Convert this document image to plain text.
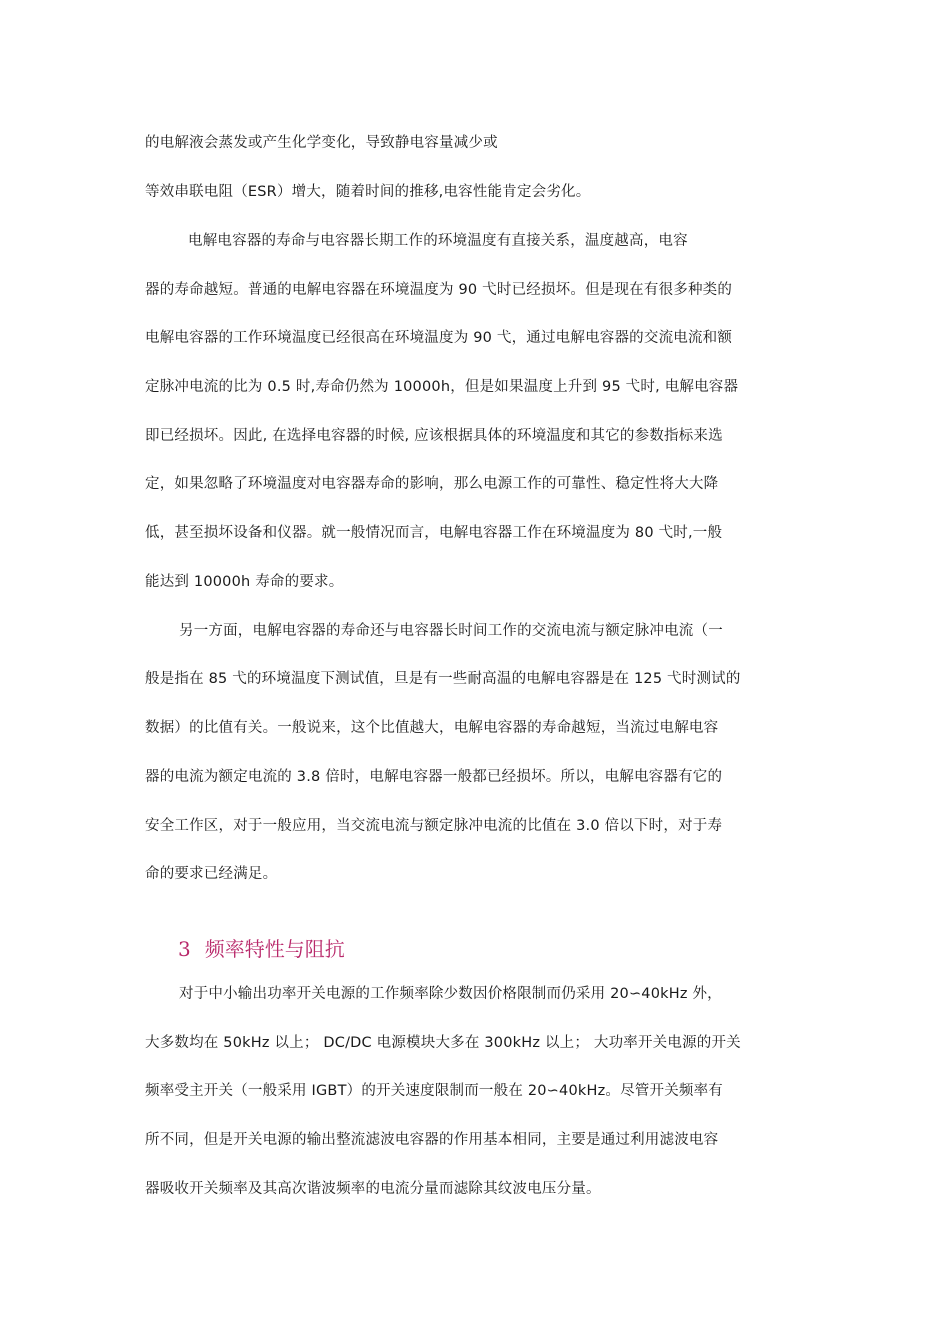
的电解液会蒸发或产生化学变化，导致静电容量减少或
等效串联电阻（ESR）增大，随着时间的推移,电容性能肯定会劣化。
电解电容器的寿命与电容器长期工作的环境温度有直接关系，温度越高，电容
器的寿命越短。普通的电解电容器在环境温度为 90 弋时已经损坏。但是现在有很多种类的
电解电容器的工作环境温度已经很高在环境温度为 90 弋，通过电解电容器的交流电流和额
定脉冲电流的比为 0.5 时,寿命仍然为 10000h，但是如果温度上升到 95 弋时, 电解电容器
即已经损坏。因此, 在选择电容器的时候, 应该根据具体的环境温度和其它的参数指标来选
定，如果忽略了环境温度对电容器寿命的影响，那么电源工作的可靠性、稳定性将大大降
低，甚至损坏设备和仪器。就一般情况而言，电解电容器工作在环境温度为 80 弋时,一般
能达到 10000h 寿命的要求。
另一方面，电解电容器的寿命还与电容器长时间工作的交流电流与额定脉冲电流（一
般是指在 85 弋的环境温度下测试值，旦是有一些耐高温的电解电容器是在 125 弋时测试的
数据）的比值有关。一般说来，这个比值越大，电解电容器的寿命越短，当流过电解电容
器的电流为额定电流的 3.8 倍时，电解电容器一般都已经损坏。所以，电解电容器有它的
安全工作区，对于一般应用，当交流电流与额定脉冲电流的比值在 3.0 倍以下时，对于寿
命的要求已经满足。
3 频率特性与阻抗
对于中小输出功率开关电源的工作频率除少数因价格限制而仍采用 20∽40kHz 外，
大多数均在 50kHz 以上； DC/DC 电源模块大多在 300kHz 以上； 大功率开关电源的开关
频率受主开关（一般采用 IGBT）的开关速度限制而一般在 20∽40kHz。尽管开关频率有
所不同，但是开关电源的输出整流滤波电容器的作用基本相同，主要是通过利用滤波电容
器吸收开关频率及其高次谐波频率的电流分量而滤除其纹波电压分量。
